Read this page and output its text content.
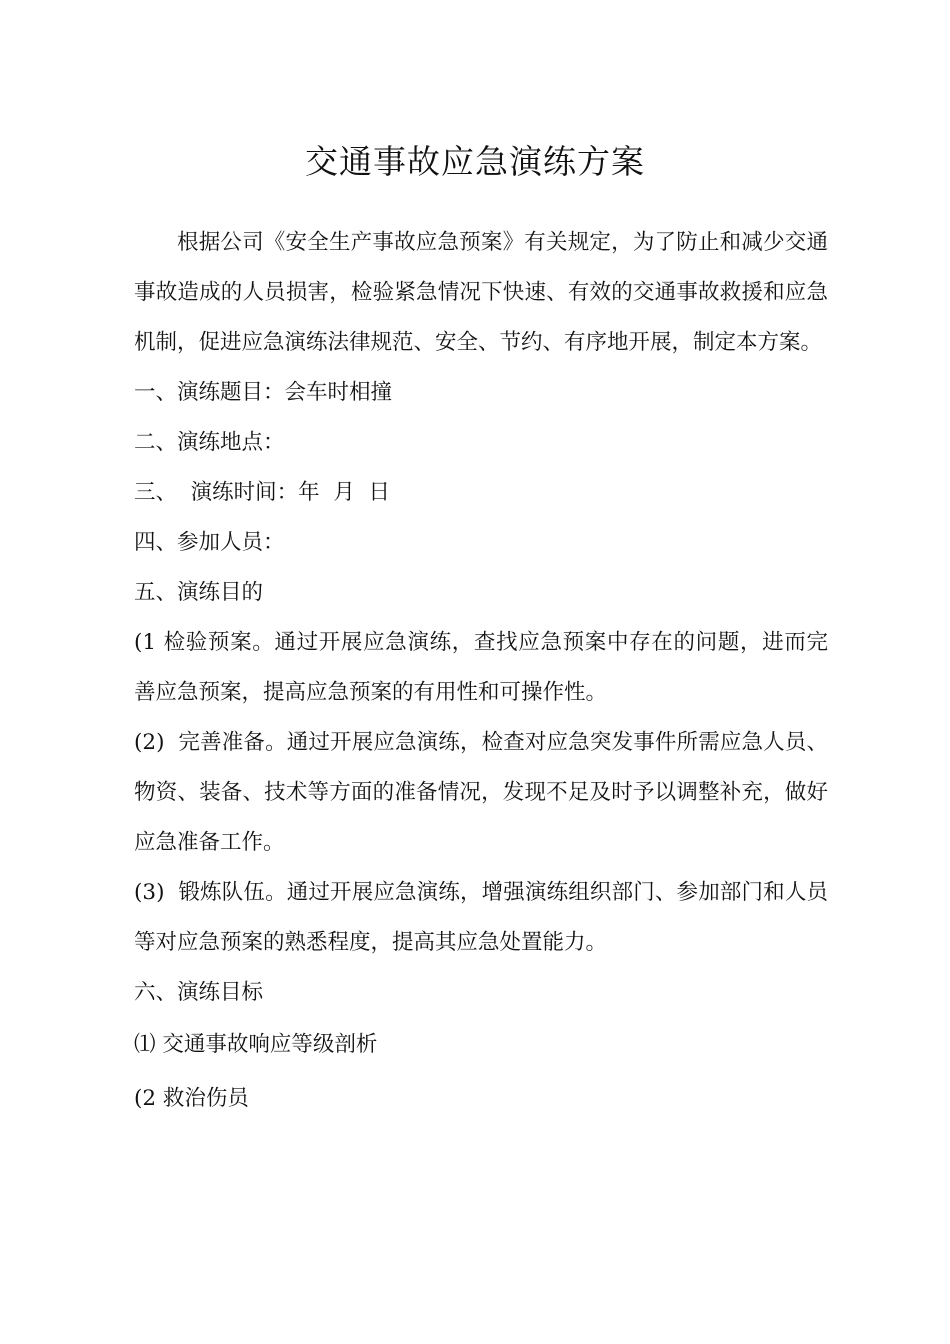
交通事故应急演练方案

根据公司《安全生产事故应急预案》有关规定，为了防止和减少交通事故造成的人员损害，检验紧急情况下快速、有效的交通事故救援和应急机制，促进应急演练法律规范、安全、节约、有序地开展，制定本方案。

一、演练题目：会车时相撞

二、演练地点：

三、  演练时间：年  月  日

四、参加人员：

五、演练目的

(1 检验预案。通过开展应急演练，查找应急预案中存在的问题，进而完善应急预案，提高应急预案的有用性和可操作性。

(2)  完善准备。通过开展应急演练，检查对应急突发事件所需应急人员、物资、装备、技术等方面的准备情况，发现不足及时予以调整补充，做好应急准备工作。

(3)  锻炼队伍。通过开展应急演练，增强演练组织部门、参加部门和人员等对应急预案的熟悉程度，提高其应急处置能力。

六、演练目标

⑴ 交通事故响应等级剖析

(2 救治伤员
